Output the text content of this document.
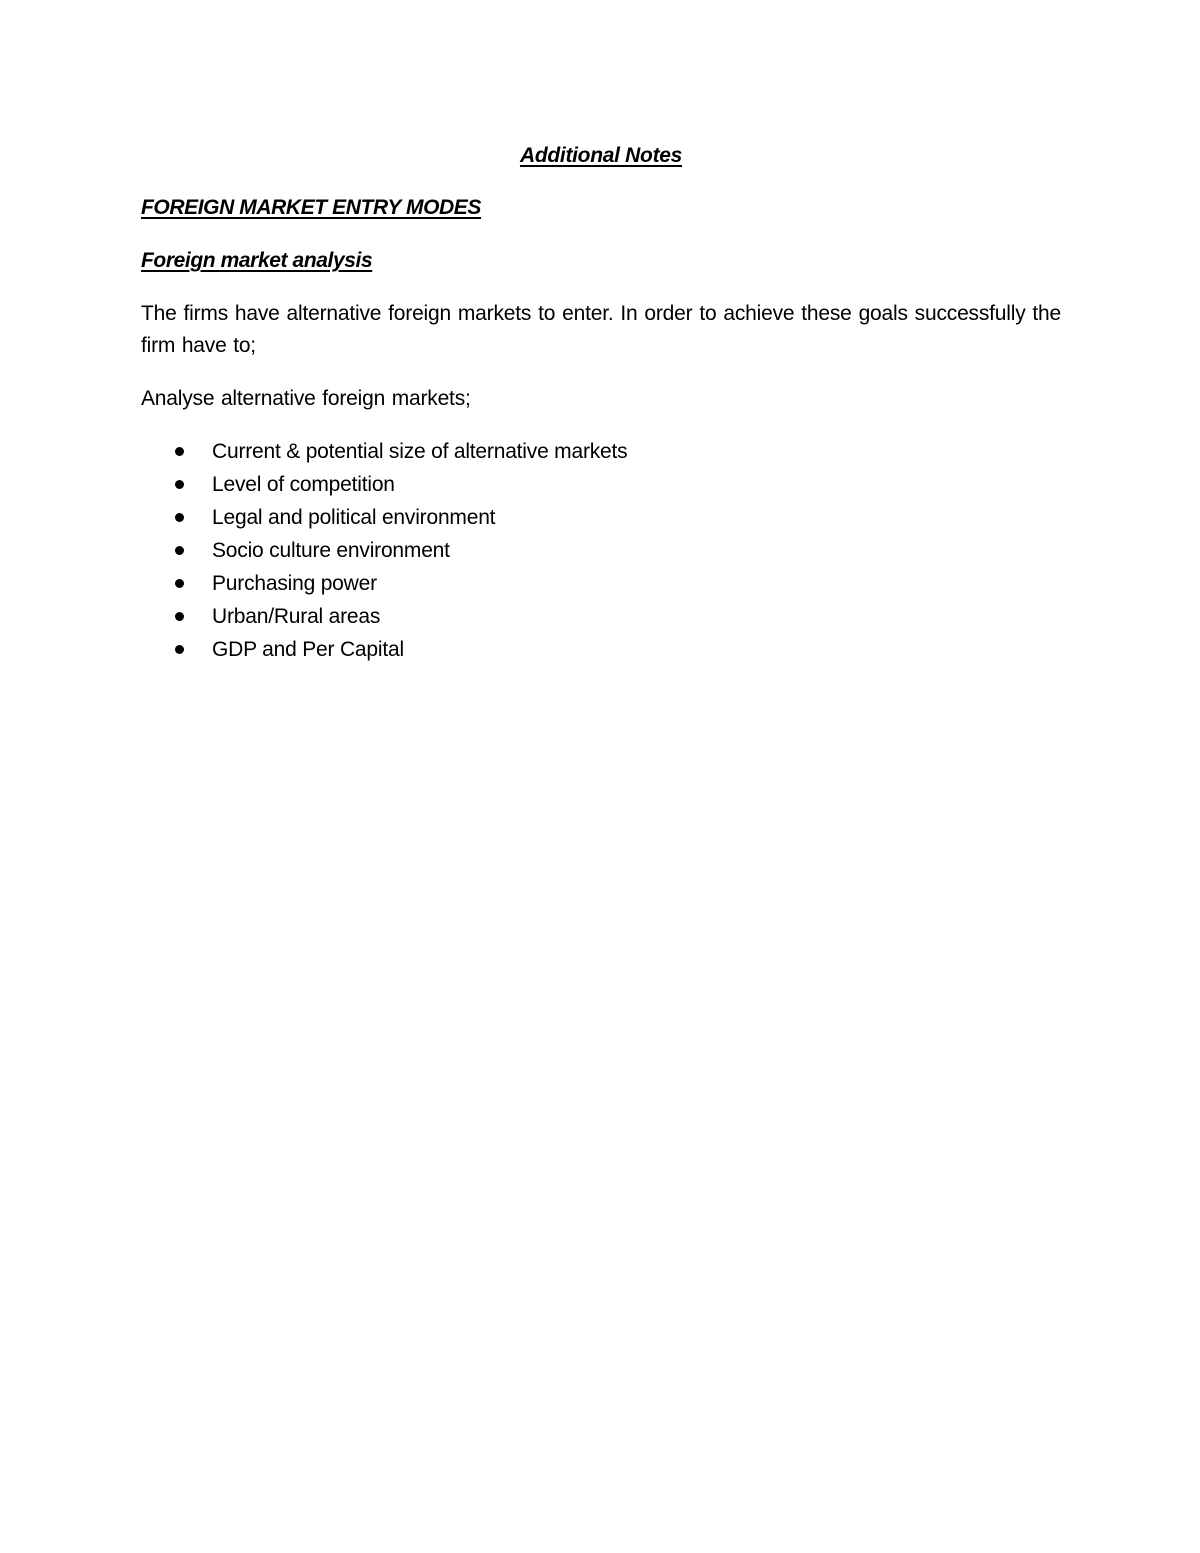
Additional Notes

FOREIGN MARKET ENTRY MODES

Foreign market analysis

The firms have alternative foreign markets to enter. In order to achieve these goals successfully the firm have to;

Analyse alternative foreign markets;

Current & potential size of alternative markets
Level of competition
Legal and political environment
Socio culture environment
Purchasing power
Urban/Rural areas
GDP and Per Capital
